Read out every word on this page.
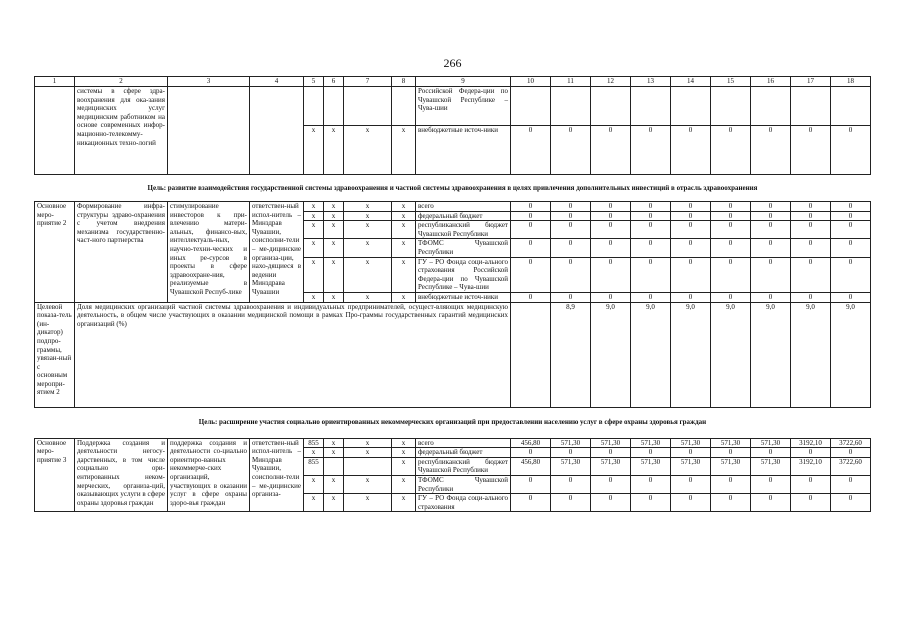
266
1	2	3	4	5	6	7	8	9	10	11	12	13	14	15	16	17	18	
	системы в сфере здра-воохранения для ока-зания медицинских услуг медицинским работником на основе современных инфор-мационно-телекомму-никационных техно-логий							Российской Федера-ции по Чувашской Республике – Чува-шии										
				х	х	х	х	внебюджетные источ-ники	0	0	0	0	0	0	0	0	0	
Цель: развитие взаимодействия государственной системы здравоохранения и частной системы здравоохранения в целях привлечения дополнительных инвестиций в отрасль здравоохранения																		
Основное меро-приятие 2	Формирование инфра-структуры здраво-охранения с учетом внедрения механизма государственно-част-ного партнерства	стимулирование инвесторов к при-влечению матери-альных, финансо-вых, интеллектуаль-ных, научно-техни-ческих и иных ре-сурсов в проекты в сфере здравоохране-ния, реализуемые в Чувашской Респуб-лике	ответствен-ный испол-нитель – Минздрав Чувашии, соисполни-тели – ме-дицинские организа-ции, нахо-дящиеся в ведении Минздрава Чувашии	х	х	х	х	всего	0	0	0	0	0	0	0	0	0	
				х	х	х	х	федеральный бюджет	0	0	0	0	0	0	0	0	0	
				х	х	х	х	республиканский бюджет Чувашской Республики	0	0	0	0	0	0	0	0	0	
				х	х	х	х	ТФОМС Чувашской Республики	0	0	0	0	0	0	0	0	0	
				х	х	х	х	ГУ – РО Фонда соци-ального страхования Российской Федера-ции по Чувашской Республике – Чува-шии	0	0	0	0	0	0	0	0	0	
				х	х	х	х	внебюджетные источ-ники	0	0	0	0	0	0	0	0	0	
Целевой показа-тель (ин-дикатор) подпро-граммы, увязан-ный с основным меропри-ятием 2	Доля медицинских организаций частной системы здравоохранения и индивидуальных предпринимателей, осущест-вляющих медицинскую деятельность, в общем числе участвующих в оказании медицинской помощи в рамках Про-граммы государственных гарантий медицинских организаций (%)									8,9	9,0	9,0	9,0	9,0	9,0	9,0	9,0	
Цель: расширение участия социально ориентированных некоммерческих организаций при предоставлении населению услуг в сфере охраны здоровья граждан																		
Основное меро-приятие 3	Поддержка создания и деятельности негосу-дарственных, в том числе социально ори-ентированных неком-мерческих, организа-ций, оказывающих услуги в сфере охраны здоровья граждан	поддержка создания и деятельности со-циально ориентиро-ванных некоммерче-ских организаций, участвующих в оказании услуг в сфере охраны здоро-вья граждан	ответствен-ный испол-нитель – Минздрав Чувашии, соисполни-тели – ме-дицинские организа-	855	х	х	х	всего	456,80	571,30	571,30	571,30	571,30	571,30	571,30	3192,10	3722,60	
				х	х	х	х	федеральный бюджет	0	0	0	0	0	0	0	0	0	
				855			х	республиканский бюджет Чувашской Республики	456,80	571,30	571,30	571,30	571,30	571,30	571,30	3192,10	3722,60	
				х	х	х	х	ТФОМС Чувашской Республики	0	0	0	0	0	0	0	0	0	
				х	х	х	х	ГУ – РО Фонда соци-ального страхования	0	0	0	0	0	0	0	0	0	
